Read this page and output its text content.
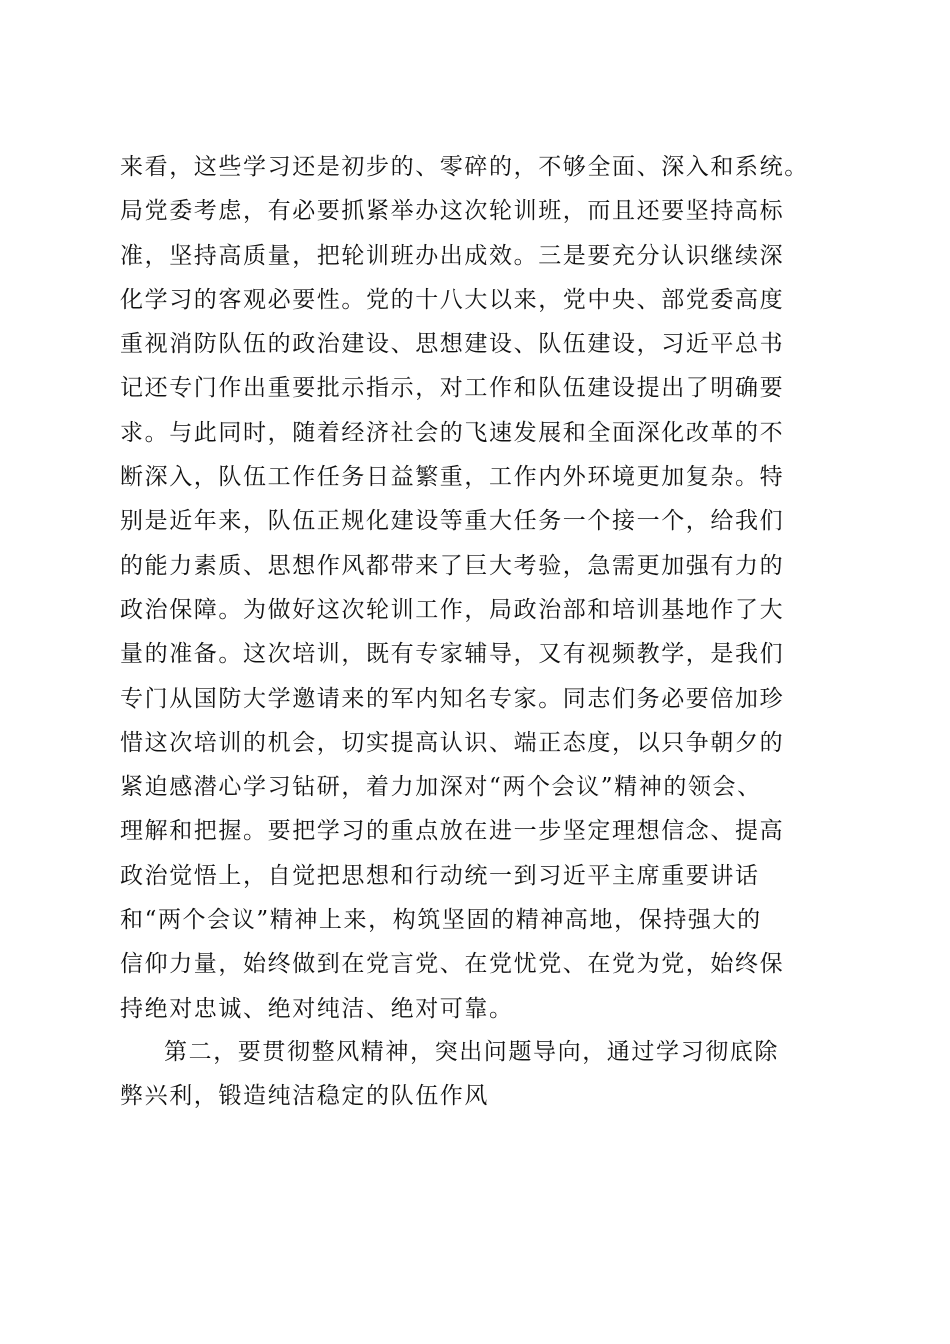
来看，这些学习还是初步的、零碎的，不够全面、深入和系统。
局党委考虑，有必要抓紧举办这次轮训班，而且还要坚持高标
准，坚持高质量，把轮训班办出成效。三是要充分认识继续深
化学习的客观必要性。党的十八大以来，党中央、部党委高度
重视消防队伍的政治建设、思想建设、队伍建设，习近平总书
记还专门作出重要批示指示，对工作和队伍建设提出了明确要
求。与此同时，随着经济社会的飞速发展和全面深化改革的不
断深入，队伍工作任务日益繁重，工作内外环境更加复杂。特
别是近年来，队伍正规化建设等重大任务一个接一个，给我们
的能力素质、思想作风都带来了巨大考验，急需更加强有力的
政治保障。为做好这次轮训工作，局政治部和培训基地作了大
量的准备。这次培训，既有专家辅导，又有视频教学，是我们
专门从国防大学邀请来的军内知名专家。同志们务必要倍加珍
惜这次培训的机会，切实提高认识、端正态度，以只争朝夕的
紧迫感潜心学习钻研，着力加深对“两个会议”精神的领会、
理解和把握。要把学习的重点放在进一步坚定理想信念、提高
政治觉悟上，自觉把思想和行动统一到习近平主席重要讲话
和“两个会议”精神上来，构筑坚固的精神高地，保持强大的
信仰力量，始终做到在党言党、在党忧党、在党为党，始终保
持绝对忠诚、绝对纯洁、绝对可靠。
第二，要贯彻整风精神，突出问题导向，通过学习彻底除
弊兴利，锻造纯洁稳定的队伍作风
